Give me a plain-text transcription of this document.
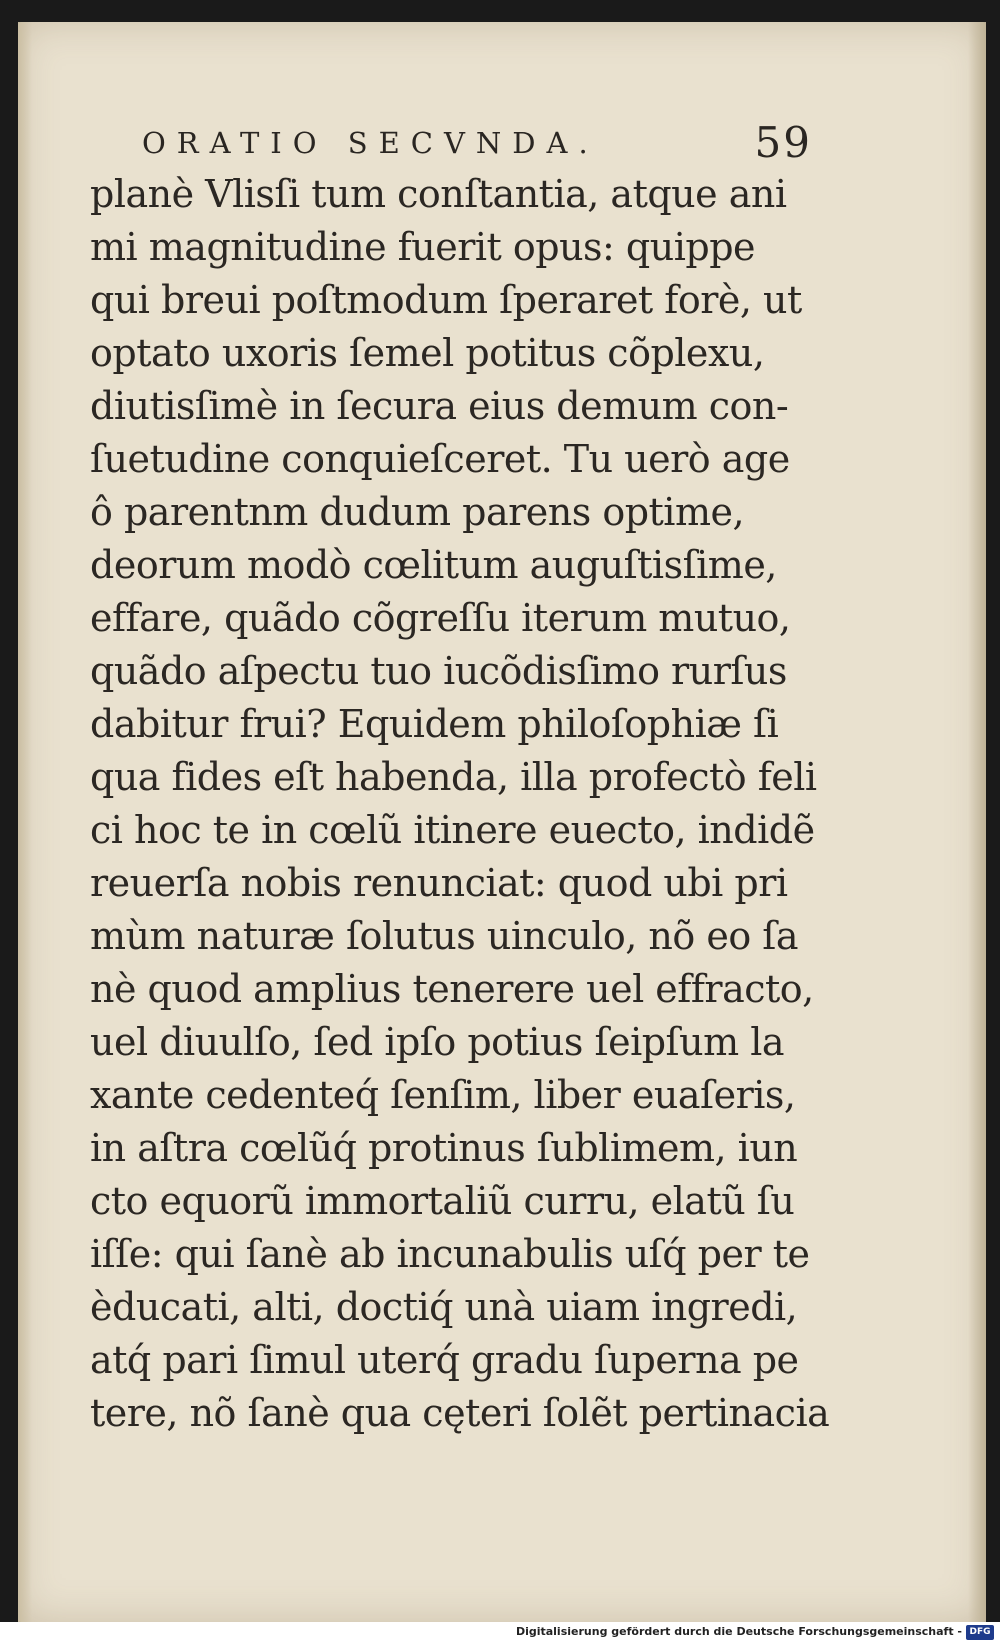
ORATIO SECVNDA.	59
planè Vlisſi tum conſtantia, atque ani
mi magnitudine fuerit opus: quippe
qui breui poſtmodum ſperaret forè, ut
optato uxoris ſemel potitus cõplexu,
diutisſimè in ſecura eius demum con-
ſuetudine conquieſceret. Tu uerò age
ô parentnm dudum parens optime,
deorum modò cœlitum auguſtisſime,
effare, quãdo cõgreſſu iterum mutuo,
quãdo aſpectu tuo iucõdisſimo rurſus
dabitur frui? Equidem philoſophiæ ſi
qua fides eſt habenda, illa profectò feli
ci hoc te in cœlũ itinere euecto, indidẽ
reuerſa nobis renunciat: quod ubi pri
mùm naturæ ſolutus uinculo, nõ eo ſa
nè quod amplius tenerere uel effracto,
uel diuulſo, ſed ipſo potius ſeipſum la
xante cedenteq́ ſenſim, liber euaſeris,
in aſtra cœlũq́ protinus ſublimem, iun
cto equorũ immortaliũ curru, elatũ ſu
iſſe: qui ſanè ab incunabulis uſq́ per te
èducati, alti, doctiq́ unà uiam ingredi,
atq́ pari ſimul uterq́ gradu ſuperna pe
tere, nõ ſanè qua cęteri ſolẽt pertinacia
Digitalisierung gefördert durch die Deutsche Forschungsgemeinschaft - DFG
